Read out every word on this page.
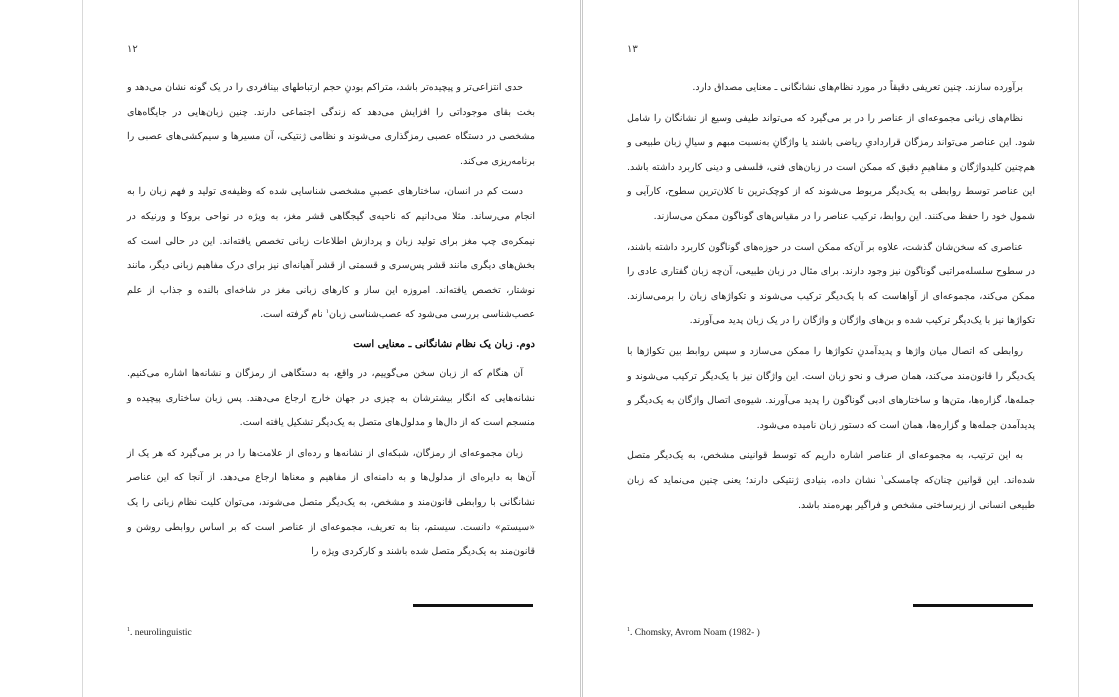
۱۲

حدی انتزاعی‌تر و پیچیده‌تر باشد، متراکم بودنِ حجم ارتباطهای بینافردی را در یک گونه نشان می‌دهد و بخت بقای موجوداتی را افزایش می‌دهد که زندگی اجتماعی دارند. چنین زبان‌هایی در جایگاه‌های مشخصی در دستگاه عصبی رمزگذاری می‌شوند و نظامی ژنتیکی، آن مسیرها و سیم‌کشی‌های عصبی را برنامه‌ریزی می‌کند.

دست کم در انسان، ساختارهای عصبیِ مشخصی شناسایی شده که وظیفه‌ی تولید و فهم زبان را به انجام می‌رساند. مثلا می‌دانیم که ناحیه‌ی گیجگاهی قشر مغز، به ویژه در نواحی بروکا و ورنیکه در نیمکره‌ی چپ مغز برای تولید زبان و پردازش اطلاعات زبانی تخصص یافته‌اند. این در حالی است که بخش‌های دیگری مانند قشر پس‌سری و قسمتی از قشر آهیانه‌ای نیز برای درک مفاهیم زبانی دیگر، مانند نوشتار، تخصص یافته‌اند. امروزه این ساز و کارهای زبانی مغز در شاخه‌ای بالنده و جذاب از علم عصب‌شناسی بررسی می‌شود که عصب‌شناسی زبان$^۱$ نام گرفته است.

دوم. زبان یک نظام نشانگانی ـ معنایی است

آن هنگام که از زبان سخن می‌گوییم، در واقع، به دستگاهی از رمزگان و نشانه‌ها اشاره می‌کنیم. نشانه‌هایی که انگار بیشترشان به چیزی در جهان خارج ارجاع می‌دهند. پس زبان ساختاری پیچیده و منسجم است که از دال‌ها و مدلول‌های متصل به یک‌دیگر تشکیل یافته است.

زبان مجموعه‌ای از رمزگان، شبکه‌ای از نشانه‌ها و رده‌ای از علامت‌ها را در بر می‌گیرد که هر یک از آن‌ها به دایره‌ای از مدلول‌ها و به دامنه‌ای از مفاهیم و معناها ارجاع می‌دهد. از آنجا که این عناصر نشانگانی با روابطی قانون‌مند و مشخص، به یک‌دیگر متصل می‌شوند، می‌توان کلیت نظام زبانی را یک «سیستم» دانست. سیستم، بنا به تعریف، مجموعه‌ای از عناصر است که بر اساس روابطی روشن و قانون‌مند به یک‌دیگر متصل شده باشند و کارکردی ویژه را

$^1$. neurolinguistic
۱۳

برآورده سازند. چنین تعریفی دقیقاً در مورد نظام‌های نشانگانی ـ معنایی مصداق دارد.

نظام‌های زبانی مجموعه‌ای از عناصر را در بر می‌گیرد که می‌تواند طیفی وسیع از نشانگان را شامل شود. این عناصر می‌تواند رمزگان قراردادیِ ریاضی باشند یا واژگانِ به‌نسبت مبهم و سیالِ زبان طبیعی و هم‌چنین کلیدواژگان و مفاهیمِ دقیق که ممکن است در زبان‌های فنی، فلسفی و دینی کاربرد داشته باشد. این عناصر توسط روابطی به یک‌دیگر مربوط می‌شوند که از کوچک‌ترین تا کلان‌ترین سطوح، کارآیی و شمول خود را حفظ می‌کنند. این روابط، ترکیب عناصر را در مقیاس‌های گوناگون ممکن می‌سازند.

عناصری که سخن‌شان گذشت، علاوه بر آن‌که ممکن است در حوزه‌های گوناگون کاربرد داشته باشند، در سطوح سلسله‌مراتبی گوناگون نیز وجود دارند. برای مثال در زبان طبیعی، آن‌چه زبان گفتاری عادی را ممکن می‌کند، مجموعه‌ای از آواهاست که با یک‌دیگر ترکیب می‌شوند و تکواژهای زبان را برمی‌سازند. تکواژها نیز با یک‌دیگر ترکیب شده و بن‌های واژگان و واژگان را در یک زبان پدید می‌آورند.

روابطی که اتصال میان واژها و پدیدآمدنِ تکواژها را ممکن می‌سازد و سپس روابط بین تکواژها با یک‌دیگر را قانون‌مند می‌کند، همان صرف و نحو زبان است. این واژگان نیز با یک‌دیگر ترکیب می‌شوند و جمله‌ها، گزاره‌ها، متن‌ها و ساختارهای ادبی گوناگون را پدید می‌آورند. شیوه‌ی اتصال واژگان به یک‌دیگر و پدیدآمدن جمله‌ها و گزاره‌ها، همان است که دستور زبان نامیده می‌شود.

به این ترتیب، به مجموعه‌ای از عناصر اشاره داریم که توسط قوانینی مشخص، به یک‌دیگر متصل شده‌اند. این قوانین چنان‌که چامسکی$^۱$ نشان داده، بنیادی ژنتیکی دارند؛ یعنی چنین می‌نماید که زبان طبیعی انسانی از زیرساختی مشخص و فراگیر بهره‌مند باشد.

$^1$. Chomsky, Avrom Noam (1982- )
